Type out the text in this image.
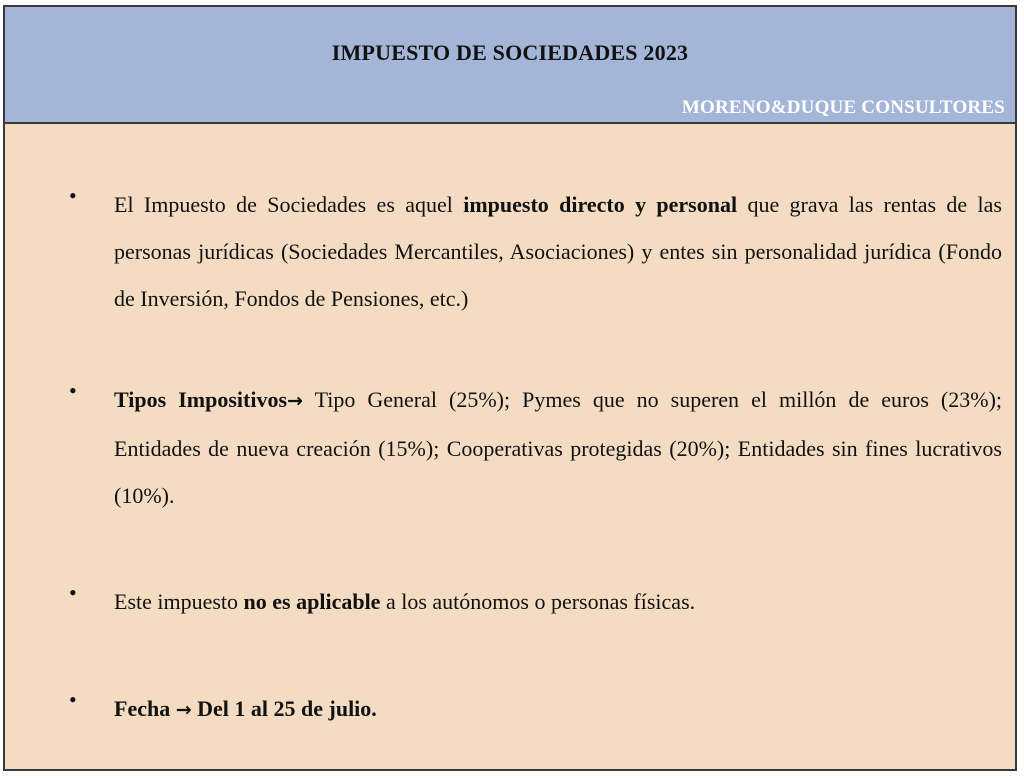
IMPUESTO DE SOCIEDADES 2023
MORENO&DUQUE CONSULTORES
•	El Impuesto de Sociedades es aquel impuesto directo y personal que grava las rentas de las personas jurídicas (Sociedades Mercantiles, Asociaciones) y entes sin personalidad jurídica (Fondo de Inversión, Fondos de Pensiones, etc.)
•	Tipos Impositivos→ Tipo General (25%); Pymes que no superen el millón de euros (23%); Entidades de nueva creación (15%); Cooperativas protegidas (20%); Entidades sin fines lucrativos (10%).
•	Este impuesto no es aplicable a los autónomos o personas físicas.
•	Fecha → Del 1 al 25 de julio.
